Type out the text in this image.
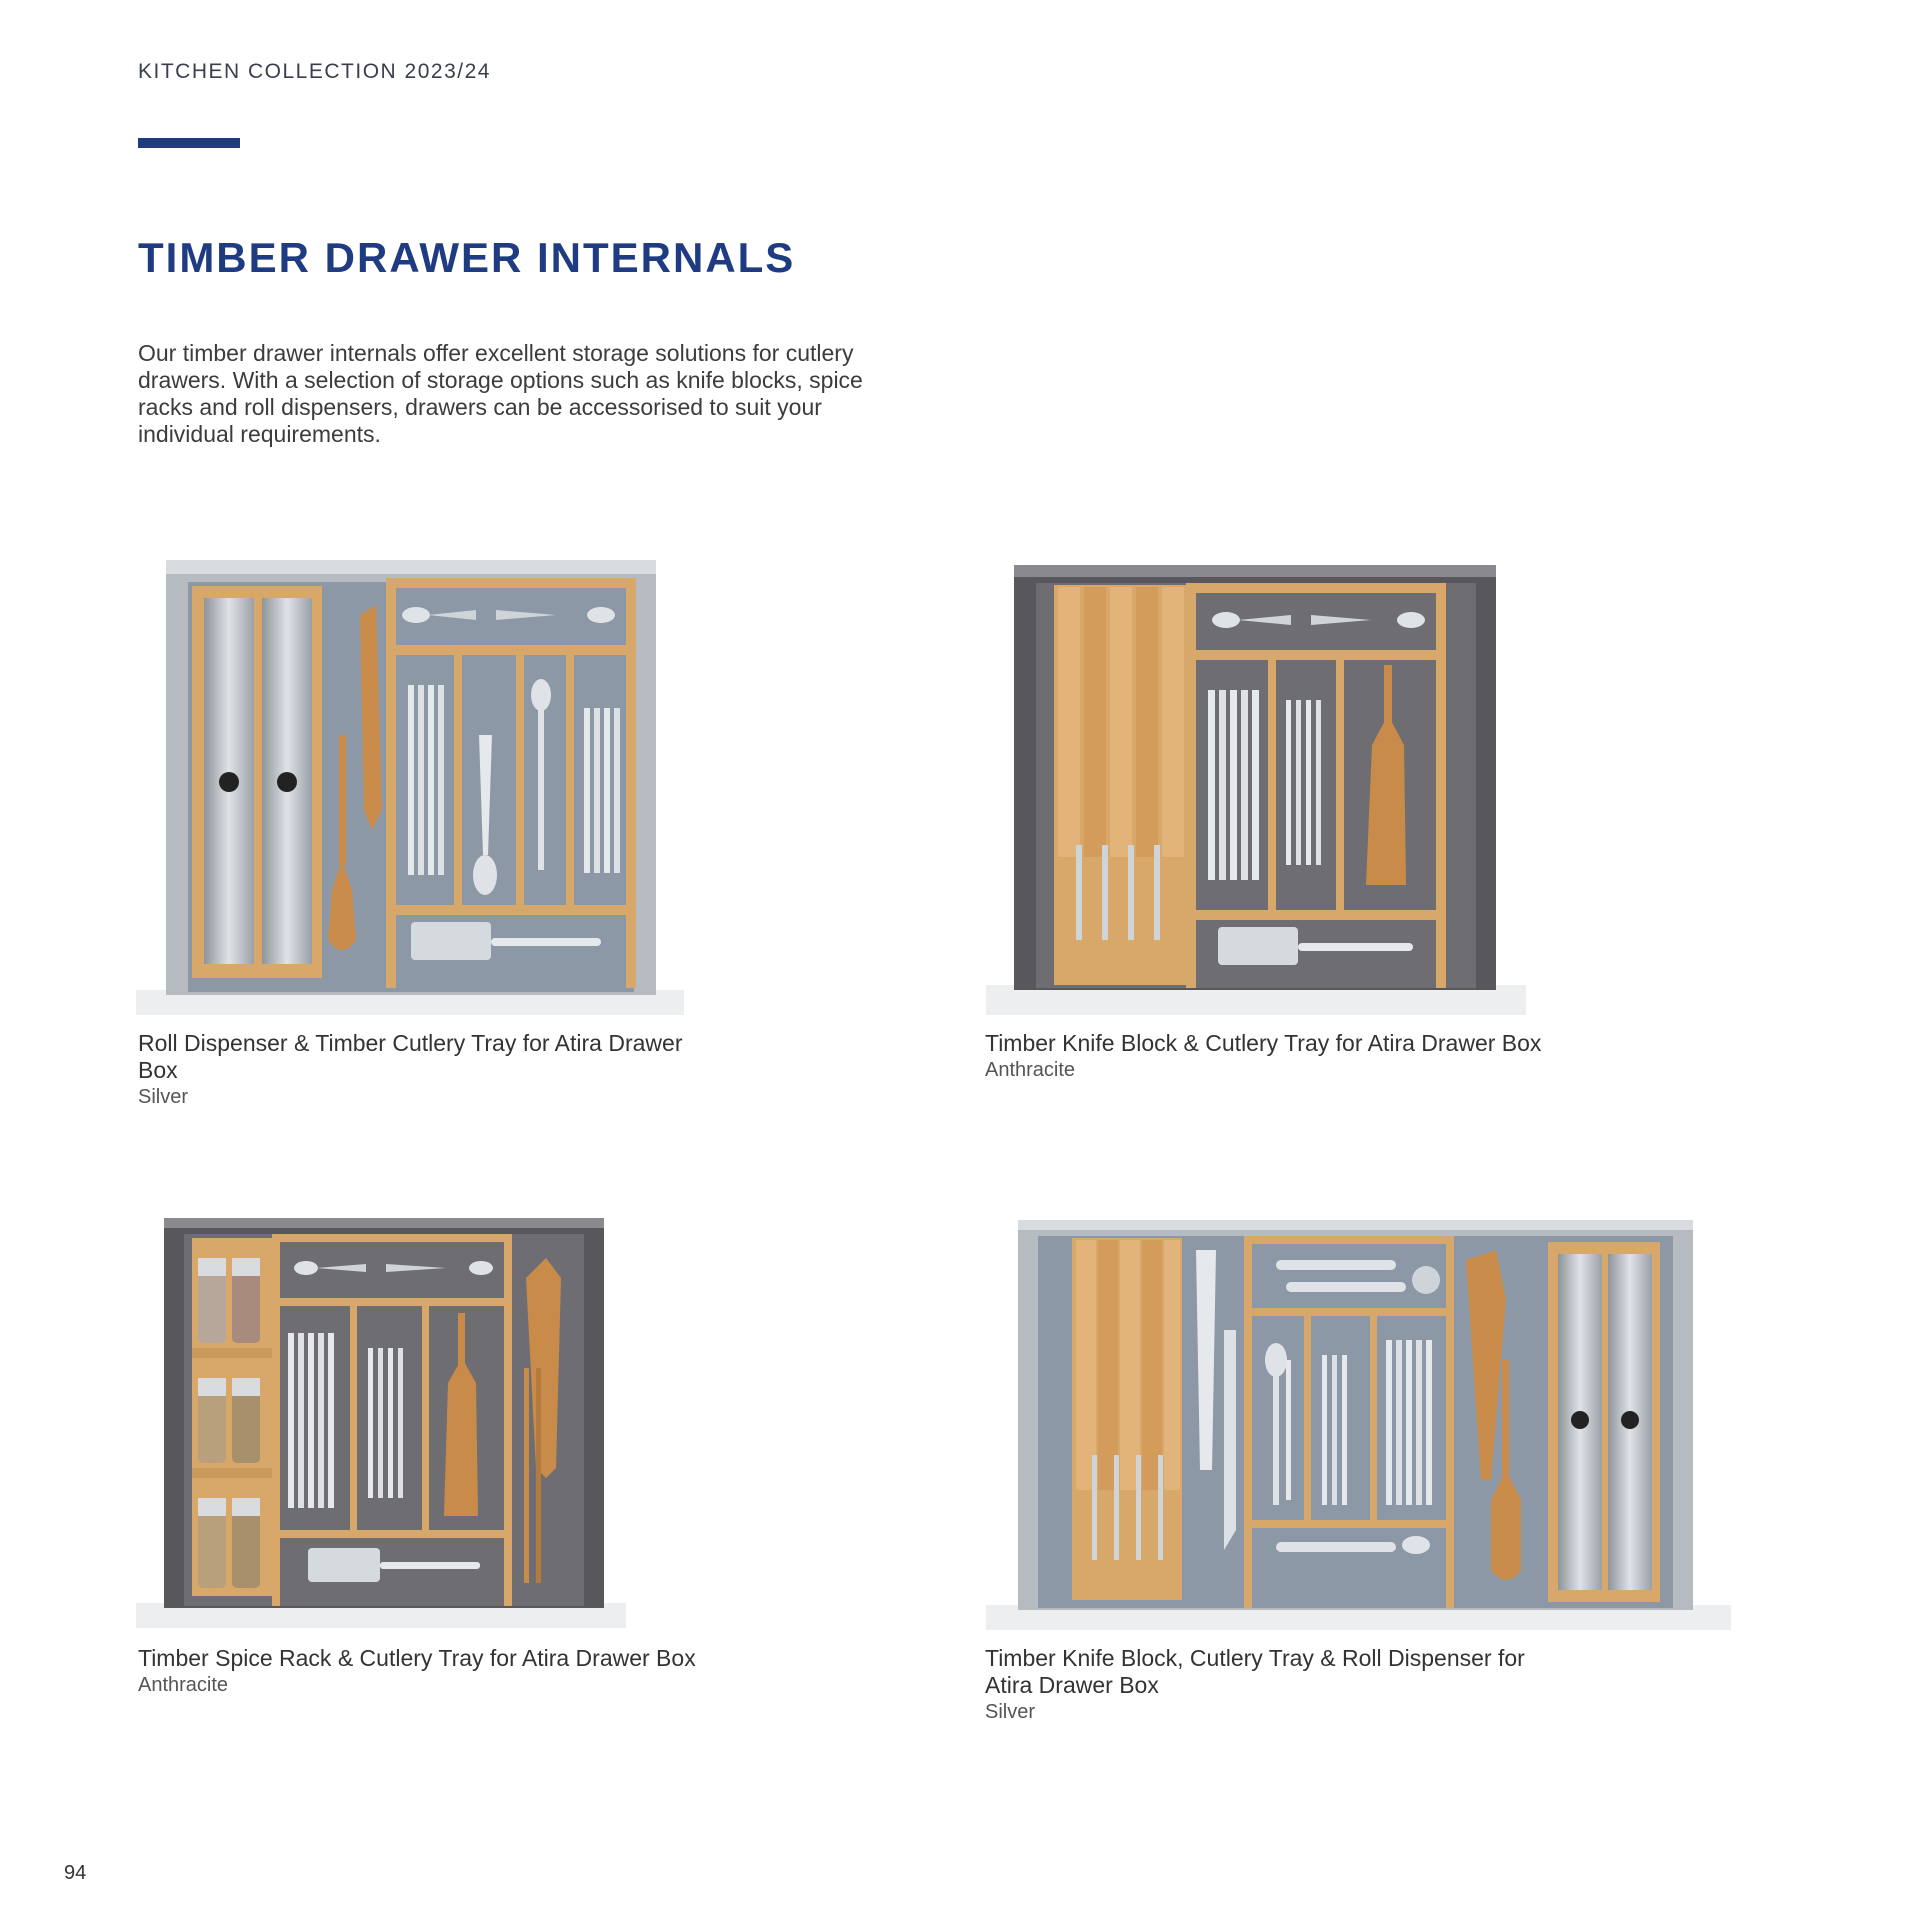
KITCHEN COLLECTION 2023/24
TIMBER DRAWER INTERNALS

Our timber drawer internals offer excellent storage solutions for cutlery drawers. With a selection of storage options such as knife blocks, spice racks and roll dispensers, drawers can be accessorised to suit your individual requirements.

Roll Dispenser & Timber Cutlery Tray for Atira Drawer Box
Silver
Timber Knife Block & Cutlery Tray for Atira Drawer Box
Anthracite
Timber Spice Rack & Cutlery Tray for Atira Drawer Box
Anthracite
Timber Knife Block, Cutlery Tray & Roll Dispenser for Atira Drawer Box
Silver
94
